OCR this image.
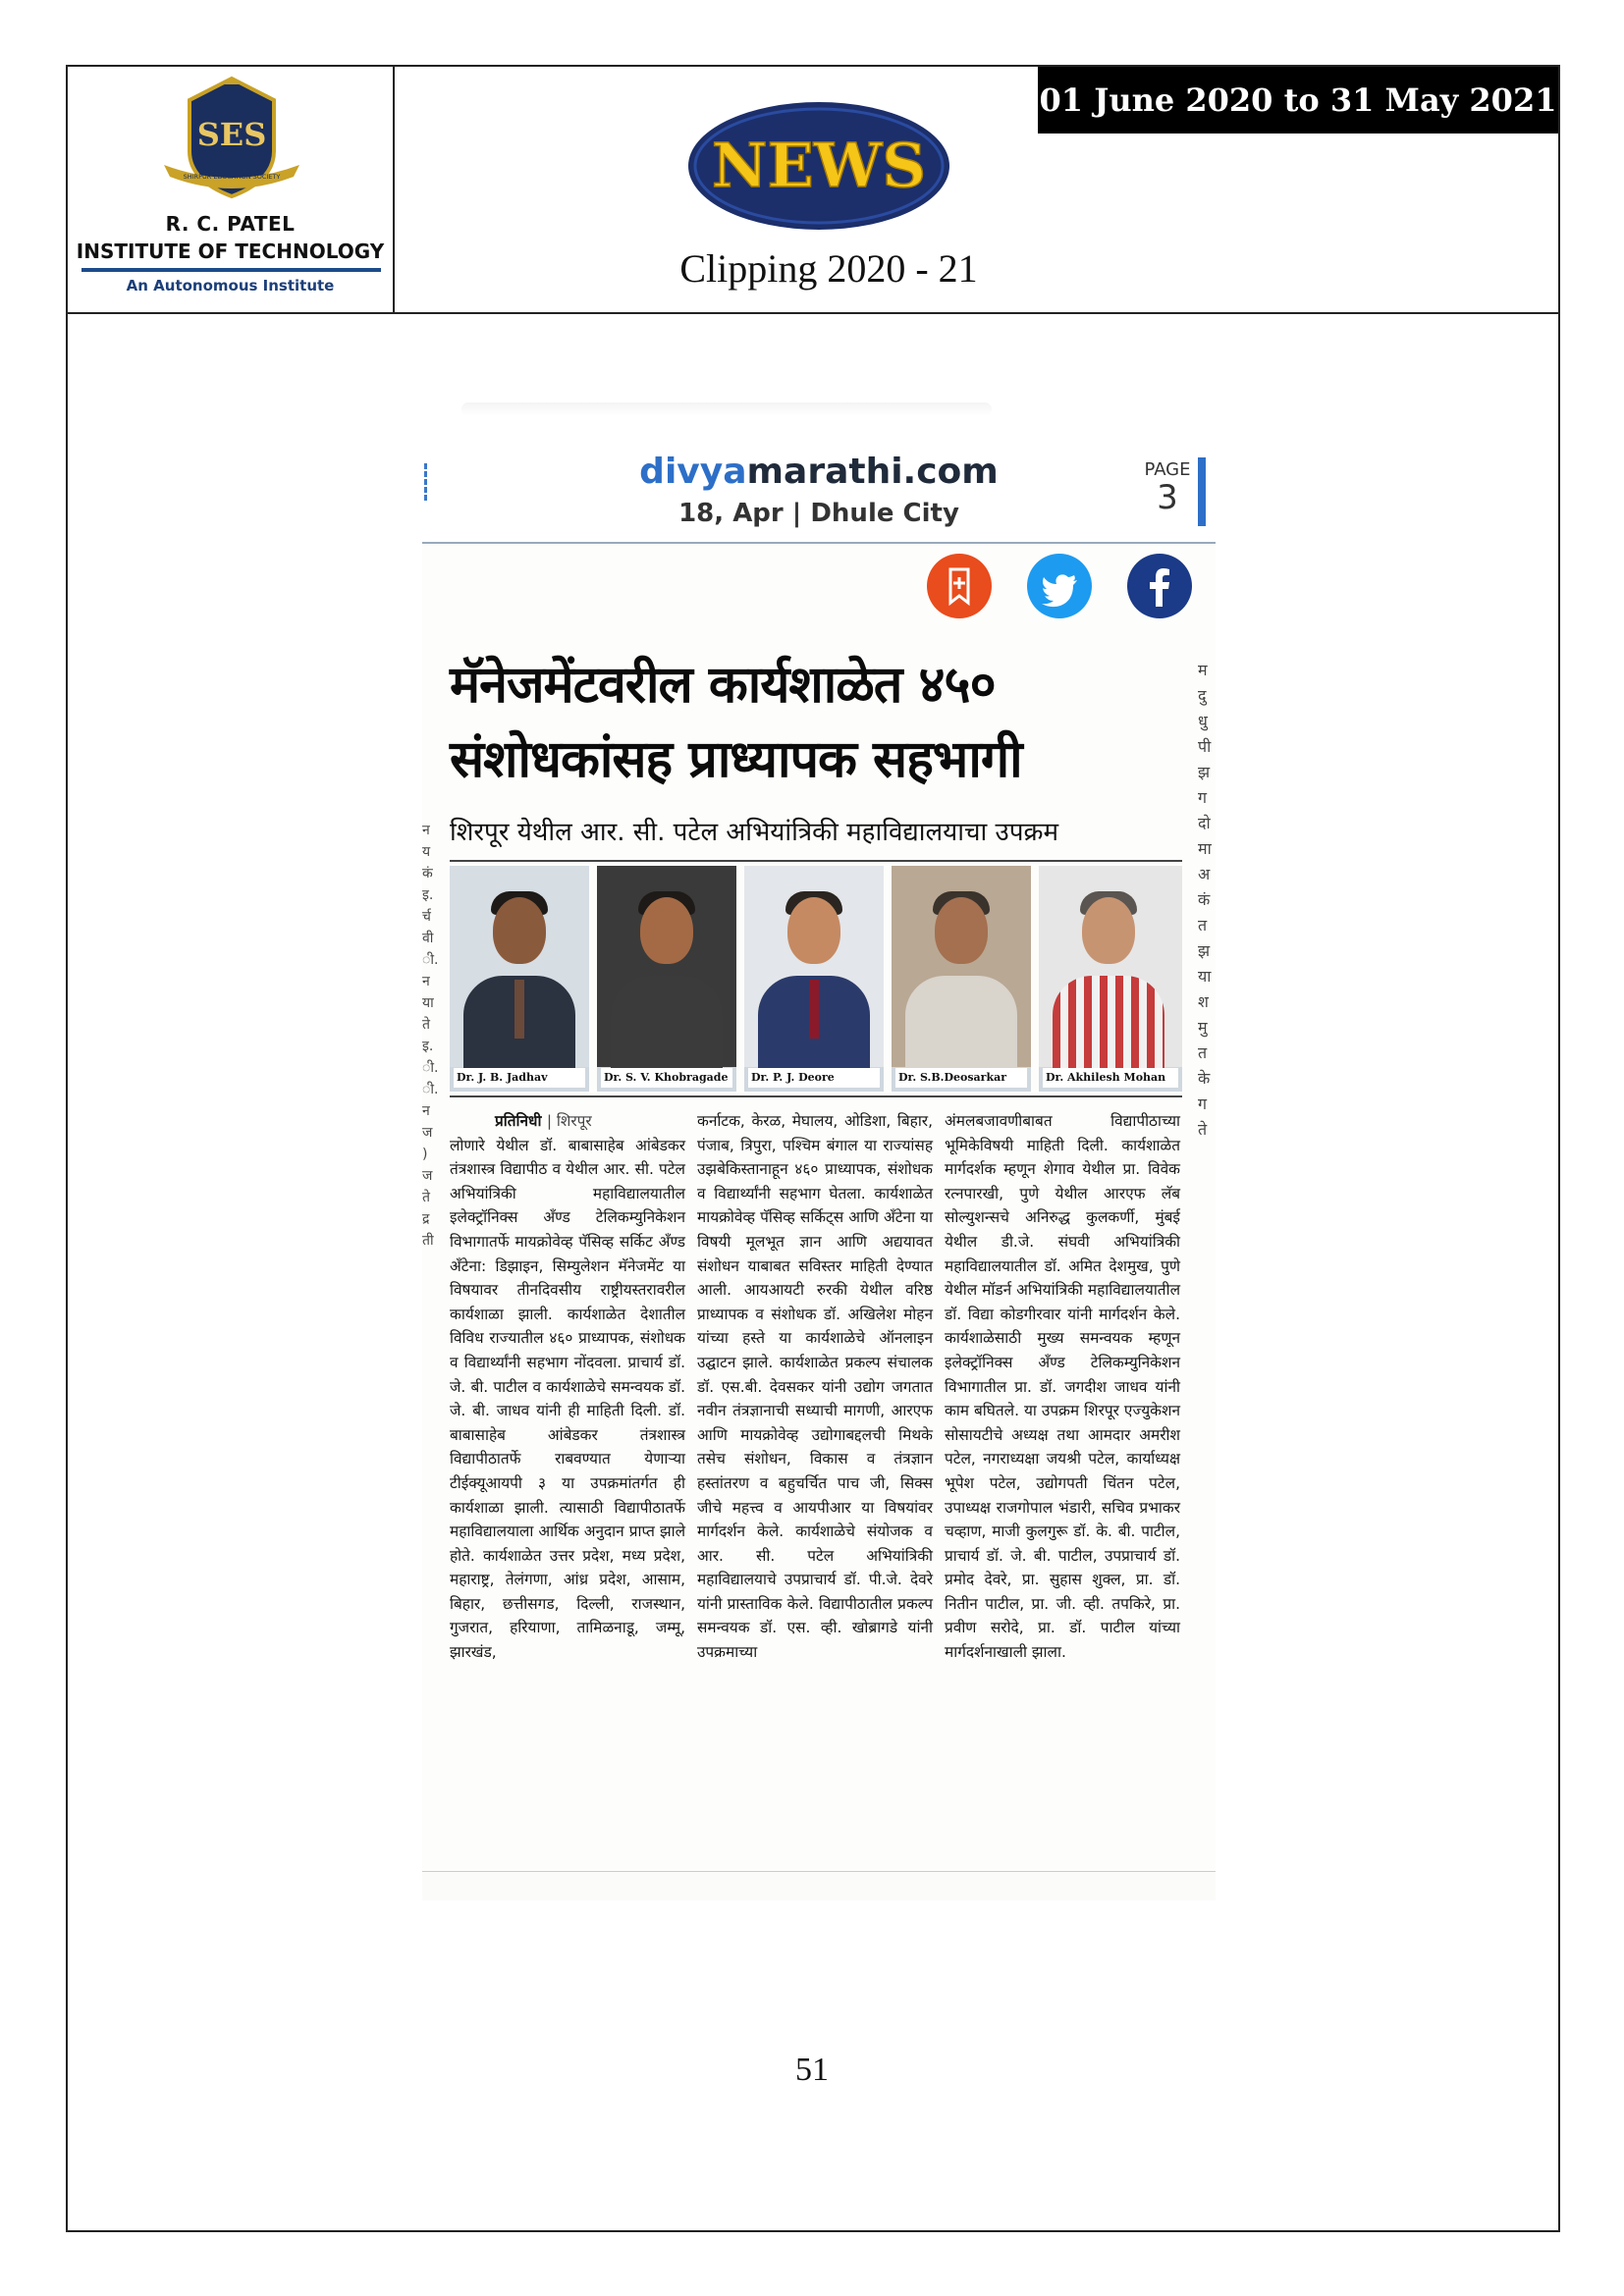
SES
SHIRPUR EDUCATION SOCIETY
R. C. PATEL
INSTITUTE OF TECHNOLOGY
An Autonomous Institute
NEWS
Clipping 2020 - 21
01 June 2020 to 31 May 2021
divyamarathi.com
18, Apr | Dhule City
PAGE
3
मॅनेजमेंटवरील कार्यशाळेत ४५०
संशोधकांसह प्राध्यापक सहभागी
शिरपूर येथील आर. सी. पटेल अभियांत्रिकी महाविद्यालयाचा उपक्रम
न य कं इ. र्च वी ी. न या ते इ. ी. ी. न ज ) ज ते द्र ती
म दु धु पी झ ग दो मा अ कं त झ या श मु त के ग ते
Dr. J. B. Jadhav	Dr. S. V. Khobragade	Dr. P. J. Deore	Dr. S.B.Deosarkar	Dr. Akhilesh Mohan
प्रतिनिधी | शिरपूर
लोणारे येथील डॉ. बाबासाहेब आंबेडकर तंत्रशास्त्र विद्यापीठ व येथील आर. सी. पटेल अभियांत्रिकी महाविद्यालयातील इलेक्ट्रॉनिक्स अँण्ड टेलिकम्युनिकेशन विभागातर्फे मायक्रोवेव्ह पॅसिव्ह सर्किट अँण्ड अँटेना: डिझाइन, सिम्युलेशन मॅनेजमेंट या विषयावर तीनदिवसीय राष्ट्रीयस्तरावरील कार्यशाळा झाली. कार्यशाळेत देशातील विविध राज्यातील ४६० प्राध्यापक, संशोधक व विद्यार्थ्यांनी सहभाग नोंदवला. प्राचार्य डॉ. जे. बी. पाटील व कार्यशाळेचे समन्वयक डॉ. जे. बी. जाधव यांनी ही माहिती दिली. डॉ. बाबासाहेब आंबेडकर तंत्रशास्त्र विद्यापीठातर्फे राबवण्यात येणाऱ्या टीईक्यूआयपी ३ या उपक्रमांतर्गत ही कार्यशाळा झाली. त्यासाठी विद्यापीठातर्फे महाविद्यालयाला आर्थिक अनुदान प्राप्त झाले होते. कार्यशाळेत उत्तर प्रदेश, मध्य प्रदेश, महाराष्ट्र, तेलंगणा, आंध्र प्रदेश, आसाम, बिहार, छत्तीसगड, दिल्ली, राजस्थान, गुजरात, हरियाणा, तामिळनाडू, जम्मू, झारखंड,
कर्नाटक, केरळ, मेघालय, ओडिशा, बिहार, पंजाब, त्रिपुरा, पश्चिम बंगाल या राज्यांसह उझबेकिस्तानाहून ४६० प्राध्यापक, संशोधक व विद्यार्थ्यांनी सहभाग घेतला. कार्यशाळेत मायक्रोवेव्ह पॅसिव्ह सर्किट्स आणि अँटेना या विषयी मूलभूत ज्ञान आणि अद्ययावत संशोधन याबाबत सविस्तर माहिती देण्यात आली. आयआयटी रुरकी येथील वरिष्ठ प्राध्यापक व संशोधक डॉ. अखिलेश मोहन यांच्या हस्ते या कार्यशाळेचे ऑनलाइन उद्घाटन झाले. कार्यशाळेत प्रकल्प संचालक डॉ. एस.बी. देवसकर यांनी उद्योग जगतात नवीन तंत्रज्ञानाची सध्याची मागणी, आरएफ आणि मायक्रोवेव्ह उद्योगाबद्दलची मिथके तसेच संशोधन, विकास व तंत्रज्ञान हस्तांतरण व बहुचर्चित पाच जी, सिक्स जीचे महत्त्व व आयपीआर या विषयांवर मार्गदर्शन केले. कार्यशाळेचे संयोजक व आर. सी. पटेल अभियांत्रिकी महाविद्यालयाचे उपप्राचार्य डॉ. पी.जे. देवरे यांनी प्रास्ताविक केले. विद्यापीठातील प्रकल्प समन्वयक डॉ. एस. व्ही. खोब्रागडे यांनी उपक्रमाच्या
अंमलबजावणीबाबत विद्यापीठाच्या भूमिकेविषयी माहिती दिली. कार्यशाळेत मार्गदर्शक म्हणून शेगाव येथील प्रा. विवेक रत्नपारखी, पुणे येथील आरएफ लॅब सोल्युशन्सचे अनिरुद्ध कुलकर्णी, मुंबई येथील डी.जे. संघवी अभियांत्रिकी महाविद्यालयातील डॉ. अमित देशमुख, पुणे येथील मॉडर्न अभियांत्रिकी महाविद्यालयातील डॉ. विद्या कोडगीरवार यांनी मार्गदर्शन केले. कार्यशाळेसाठी मुख्य समन्वयक म्हणून इलेक्ट्रॉनिक्स अँण्ड टेलिकम्युनिकेशन विभागातील प्रा. डॉ. जगदीश जाधव यांनी काम बघितले. या उपक्रम शिरपूर एज्युकेशन सोसायटीचे अध्यक्ष तथा आमदार अमरीश पटेल, नगराध्यक्षा जयश्री पटेल, कार्याध्यक्ष भूपेश पटेल, उद्योगपती चिंतन पटेल, उपाध्यक्ष राजगोपाल भंडारी, सचिव प्रभाकर चव्हाण, माजी कुलगुरू डॉ. के. बी. पाटील, प्राचार्य डॉ. जे. बी. पाटील, उपप्राचार्य डॉ. प्रमोद देवरे, प्रा. सुहास शुक्ल, प्रा. डॉ. नितीन पाटील, प्रा. जी. व्ही. तपकिरे, प्रा. प्रवीण सरोदे, प्रा. डॉ. पाटील यांच्या मार्गदर्शनाखाली झाला.
51
